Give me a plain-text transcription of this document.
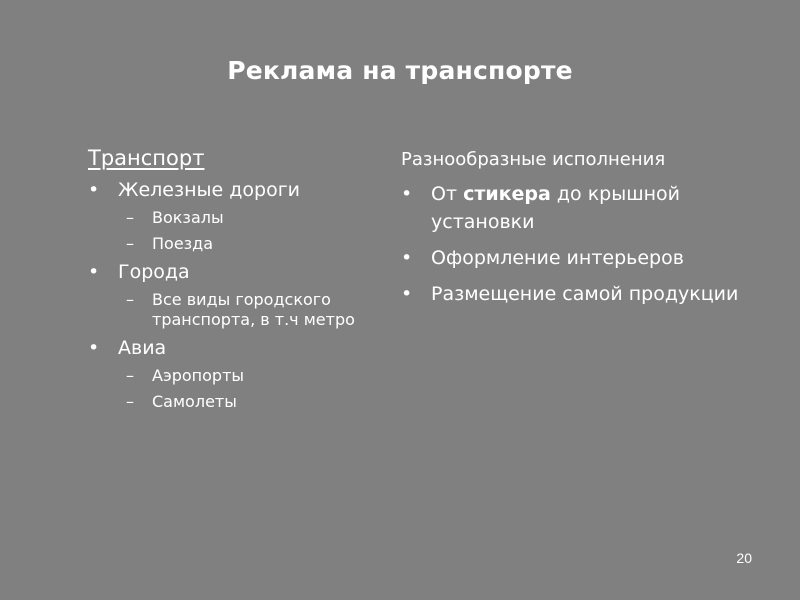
Реклама на транспорте
Транспорт
• Железные дороги
– Вокзалы
– Поезда
• Города
– Все виды городского транспорта, в т.ч метро
• Авиа
– Аэропорты
– Самолеты
Разнообразные исполнения
• От стикера до крышной установки
• Оформление интерьеров
• Размещение самой продукции
20
